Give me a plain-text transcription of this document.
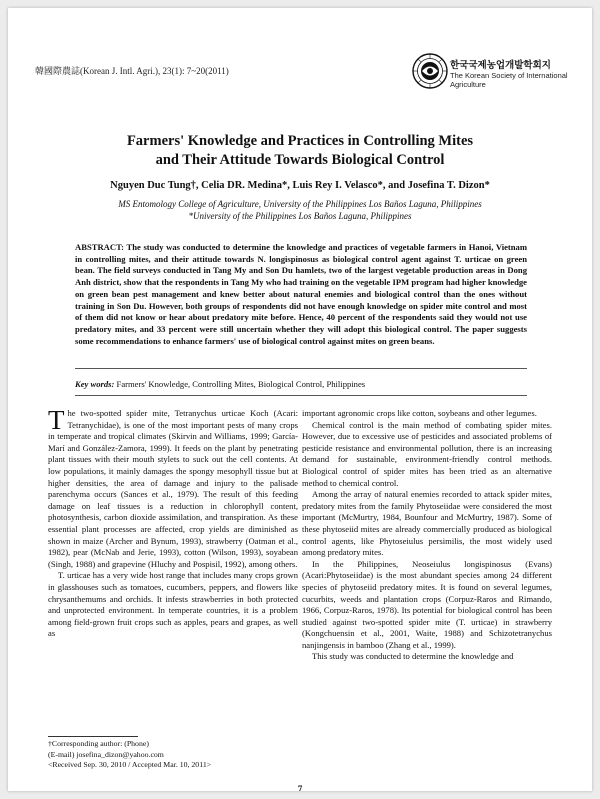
韓國際農誌(Korean J. Intl. Agri.), 23(1): 7~20(2011)	한국국제농업개발학회지
The Korean Society of International
Agriculture
Farmers' Knowledge and Practices in Controlling Mites
and Their Attitude Towards Biological Control
Nguyen Duc Tung†, Celia DR. Medina*, Luis Rey I. Velasco*, and Josefina T. Dizon*
MS Entomology College of Agriculture, University of the Philippines Los Baños Laguna, Philippines
*University of the Philippines Los Baños Laguna, Philippines

ABSTRACT: The study was conducted to determine the knowledge and practices of vegetable farmers in Hanoi, Vietnam in controlling mites, and their attitude towards N. longispinosus as biological control agent against T. urticae on green bean. The field surveys conducted in Tang My and Son Du hamlets, two of the largest vegetable production areas in Dong Anh district, show that the respondents in Tang My who had training on the vegetable IPM program had higher knowledge on green bean pest management and knew better about natural enemies and biological control than the ones without training in Son Du. However, both groups of respondents did not have enough knowledge on spider mite control and most of them did not know or hear about predatory mite before. Hence, 40 percent of the respondents said they would not use predatory mites, and 33 percent were still uncertain whether they will adopt this biological control. The paper suggests some recommendations to enhance farmers' use of biological control against mites on green beans.

Key words: Farmers' Knowledge, Controlling Mites, Biological Control, Philippines

The two-spotted spider mite, Tetranychus urticae Koch (Acari: Tetranychidae), is one of the most important pests of many crops in temperate and tropical climates (Skirvin and Williams, 1999; García-Marí and González-Zamora, 1999). It feeds on the plant by penetrating plant tissues with their mouth stylets to suck out the cell contents. At low populations, it mainly damages the spongy mesophyll tissue but at higher densities, the area of damage and injury to the palisade parenchyma occurs (Sances et al., 1979). The result of this feeding damage on leaf tissues is a reduction in chlorophyll content, photosynthesis, carbon dioxide assimilation, and transpiration. As these essential plant processes are affected, crop yields are diminished as shown in maize (Archer and Bynum, 1993), strawberry (Oatman et al., 1982), pear (McNab and Jerie, 1993), cotton (Wilson, 1993), soyabean (Singh, 1988) and grapevine (Hluchy and Pospisil, 1992), among others.

T. urticae has a very wide host range that includes many crops grown in glasshouses such as tomatoes, cucumbers, peppers, and flowers like chrysanthemums and orchids. It infests strawberries in both protected and unprotected environment. In temperate countries, it is a problem among field-grown fruit crops such as apples, pears and grapes, as well as

important agronomic crops like cotton, soybeans and other legumes.

Chemical control is the main method of combating spider mites. However, due to excessive use of pesticides and associated problems of pesticide resistance and environmental pollution, there is an increasing demand for sustainable, environment-friendly control methods. Biological control of spider mites has been tried as an alternative method to chemical control.

Among the array of natural enemies recorded to attack spider mites, predatory mites from the family Phytoseiidae were considered the most important (McMurtry, 1984, Bounfour and McMurtry, 1987). Some of these phytoseiid mites are already commercially produced as biological control agents, like Phytoseiulus persimilis, the most widely used among predatory mites.

In the Philippines, Neoseiulus longispinosus (Evans) (Acari:Phytoseiidae) is the most abundant species among 24 different species of phytoseiid predatory mites. It is found on several legumes, cucurbits, weeds and plantation crops (Corpuz-Raros and Rimando, 1966, Corpuz-Raros, 1978). Its potential for biological control has been studied against two-spotted spider mite (T. urticae) in strawberry (Kongchuensin et al., 2001, Waite, 1988) and Schizotetranychus nanjingensis in bamboo (Zhang et al., 1999).

This study was conducted to determine the knowledge and

†Corresponding author: (Phone)
(E-mail) josefina_dizon@yahoo.com
<Received Sep. 30, 2010 / Accepted Mar. 10, 2011>
7
